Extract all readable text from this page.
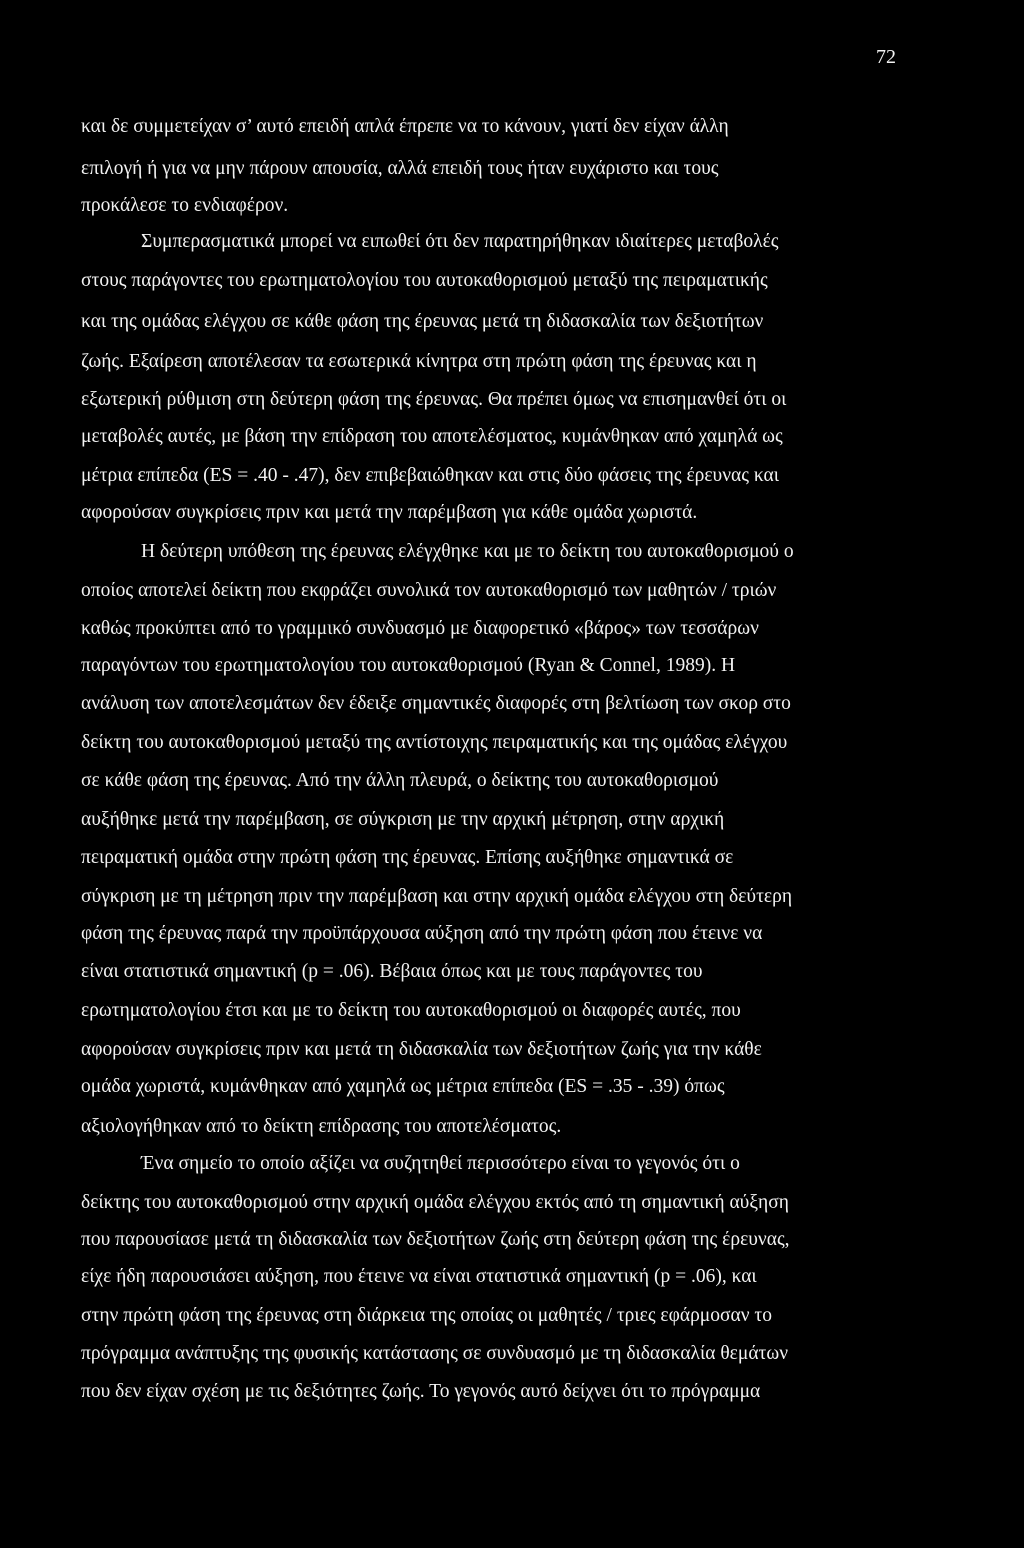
72
και δε συμμετείχαν σ’ αυτό επειδή απλά έπρεπε να το κάνουν, γιατί δεν είχαν άλλη
επιλογή ή για να μην πάρουν απουσία, αλλά επειδή τους ήταν ευχάριστο και τους
προκάλεσε το ενδιαφέρον.
Συμπερασματικά μπορεί να ειπωθεί ότι δεν παρατηρήθηκαν ιδιαίτερες μεταβολές
στους παράγοντες του ερωτηματολογίου του αυτοκαθορισμού μεταξύ της πειραματικής
και της ομάδας ελέγχου σε κάθε φάση της έρευνας μετά τη διδασκαλία των δεξιοτήτων
ζωής. Εξαίρεση αποτέλεσαν τα εσωτερικά κίνητρα στη πρώτη φάση της έρευνας και η
εξωτερική ρύθμιση στη δεύτερη φάση της έρευνας. Θα πρέπει όμως να επισημανθεί ότι οι
μεταβολές αυτές, με βάση την επίδραση του αποτελέσματος, κυμάνθηκαν από χαμηλά ως
μέτρια επίπεδα (ES = .40 - .47), δεν επιβεβαιώθηκαν και στις δύο φάσεις της έρευνας και
αφορούσαν συγκρίσεις πριν και μετά την παρέμβαση για κάθε ομάδα χωριστά.
Η δεύτερη υπόθεση της έρευνας ελέγχθηκε και με το δείκτη του αυτοκαθορισμού ο
οποίος αποτελεί δείκτη που εκφράζει συνολικά τον αυτοκαθορισμό των μαθητών / τριών
καθώς προκύπτει από το γραμμικό συνδυασμό με διαφορετικό «βάρος» των τεσσάρων
παραγόντων του ερωτηματολογίου του αυτοκαθορισμού (Ryan & Connel, 1989). Η
ανάλυση των αποτελεσμάτων δεν έδειξε σημαντικές διαφορές στη βελτίωση των σκορ στο
δείκτη του αυτοκαθορισμού μεταξύ της αντίστοιχης πειραματικής και της ομάδας ελέγχου
σε κάθε φάση της έρευνας. Από την άλλη πλευρά, ο δείκτης του αυτοκαθορισμού
αυξήθηκε μετά την παρέμβαση, σε σύγκριση με την αρχική μέτρηση, στην αρχική
πειραματική ομάδα στην πρώτη φάση της έρευνας. Επίσης αυξήθηκε σημαντικά σε
σύγκριση με τη μέτρηση πριν την παρέμβαση και στην αρχική ομάδα ελέγχου στη δεύτερη
φάση της έρευνας παρά την προϋπάρχουσα αύξηση από την πρώτη φάση που έτεινε να
είναι στατιστικά σημαντική (p = .06). Βέβαια όπως και με τους παράγοντες του
ερωτηματολογίου έτσι και με το δείκτη του αυτοκαθορισμού οι διαφορές αυτές, που
αφορούσαν συγκρίσεις πριν και μετά τη διδασκαλία των δεξιοτήτων ζωής για την κάθε
ομάδα χωριστά, κυμάνθηκαν από χαμηλά ως μέτρια επίπεδα (ES = .35 - .39) όπως
αξιολογήθηκαν από το δείκτη επίδρασης του αποτελέσματος.
Ένα σημείο το οποίο αξίζει να συζητηθεί περισσότερο είναι το γεγονός ότι ο
δείκτης του αυτοκαθορισμού στην αρχική ομάδα ελέγχου εκτός από τη σημαντική αύξηση
που παρουσίασε μετά τη διδασκαλία των δεξιοτήτων ζωής στη δεύτερη φάση της έρευνας,
είχε ήδη παρουσιάσει αύξηση, που έτεινε να είναι στατιστικά σημαντική (p = .06), και
στην πρώτη φάση της έρευνας στη διάρκεια της οποίας οι μαθητές / τριες εφάρμοσαν το
πρόγραμμα ανάπτυξης της φυσικής κατάστασης σε συνδυασμό με τη διδασκαλία θεμάτων
που δεν είχαν σχέση με τις δεξιότητες ζωής. Το γεγονός αυτό δείχνει ότι το πρόγραμμα
